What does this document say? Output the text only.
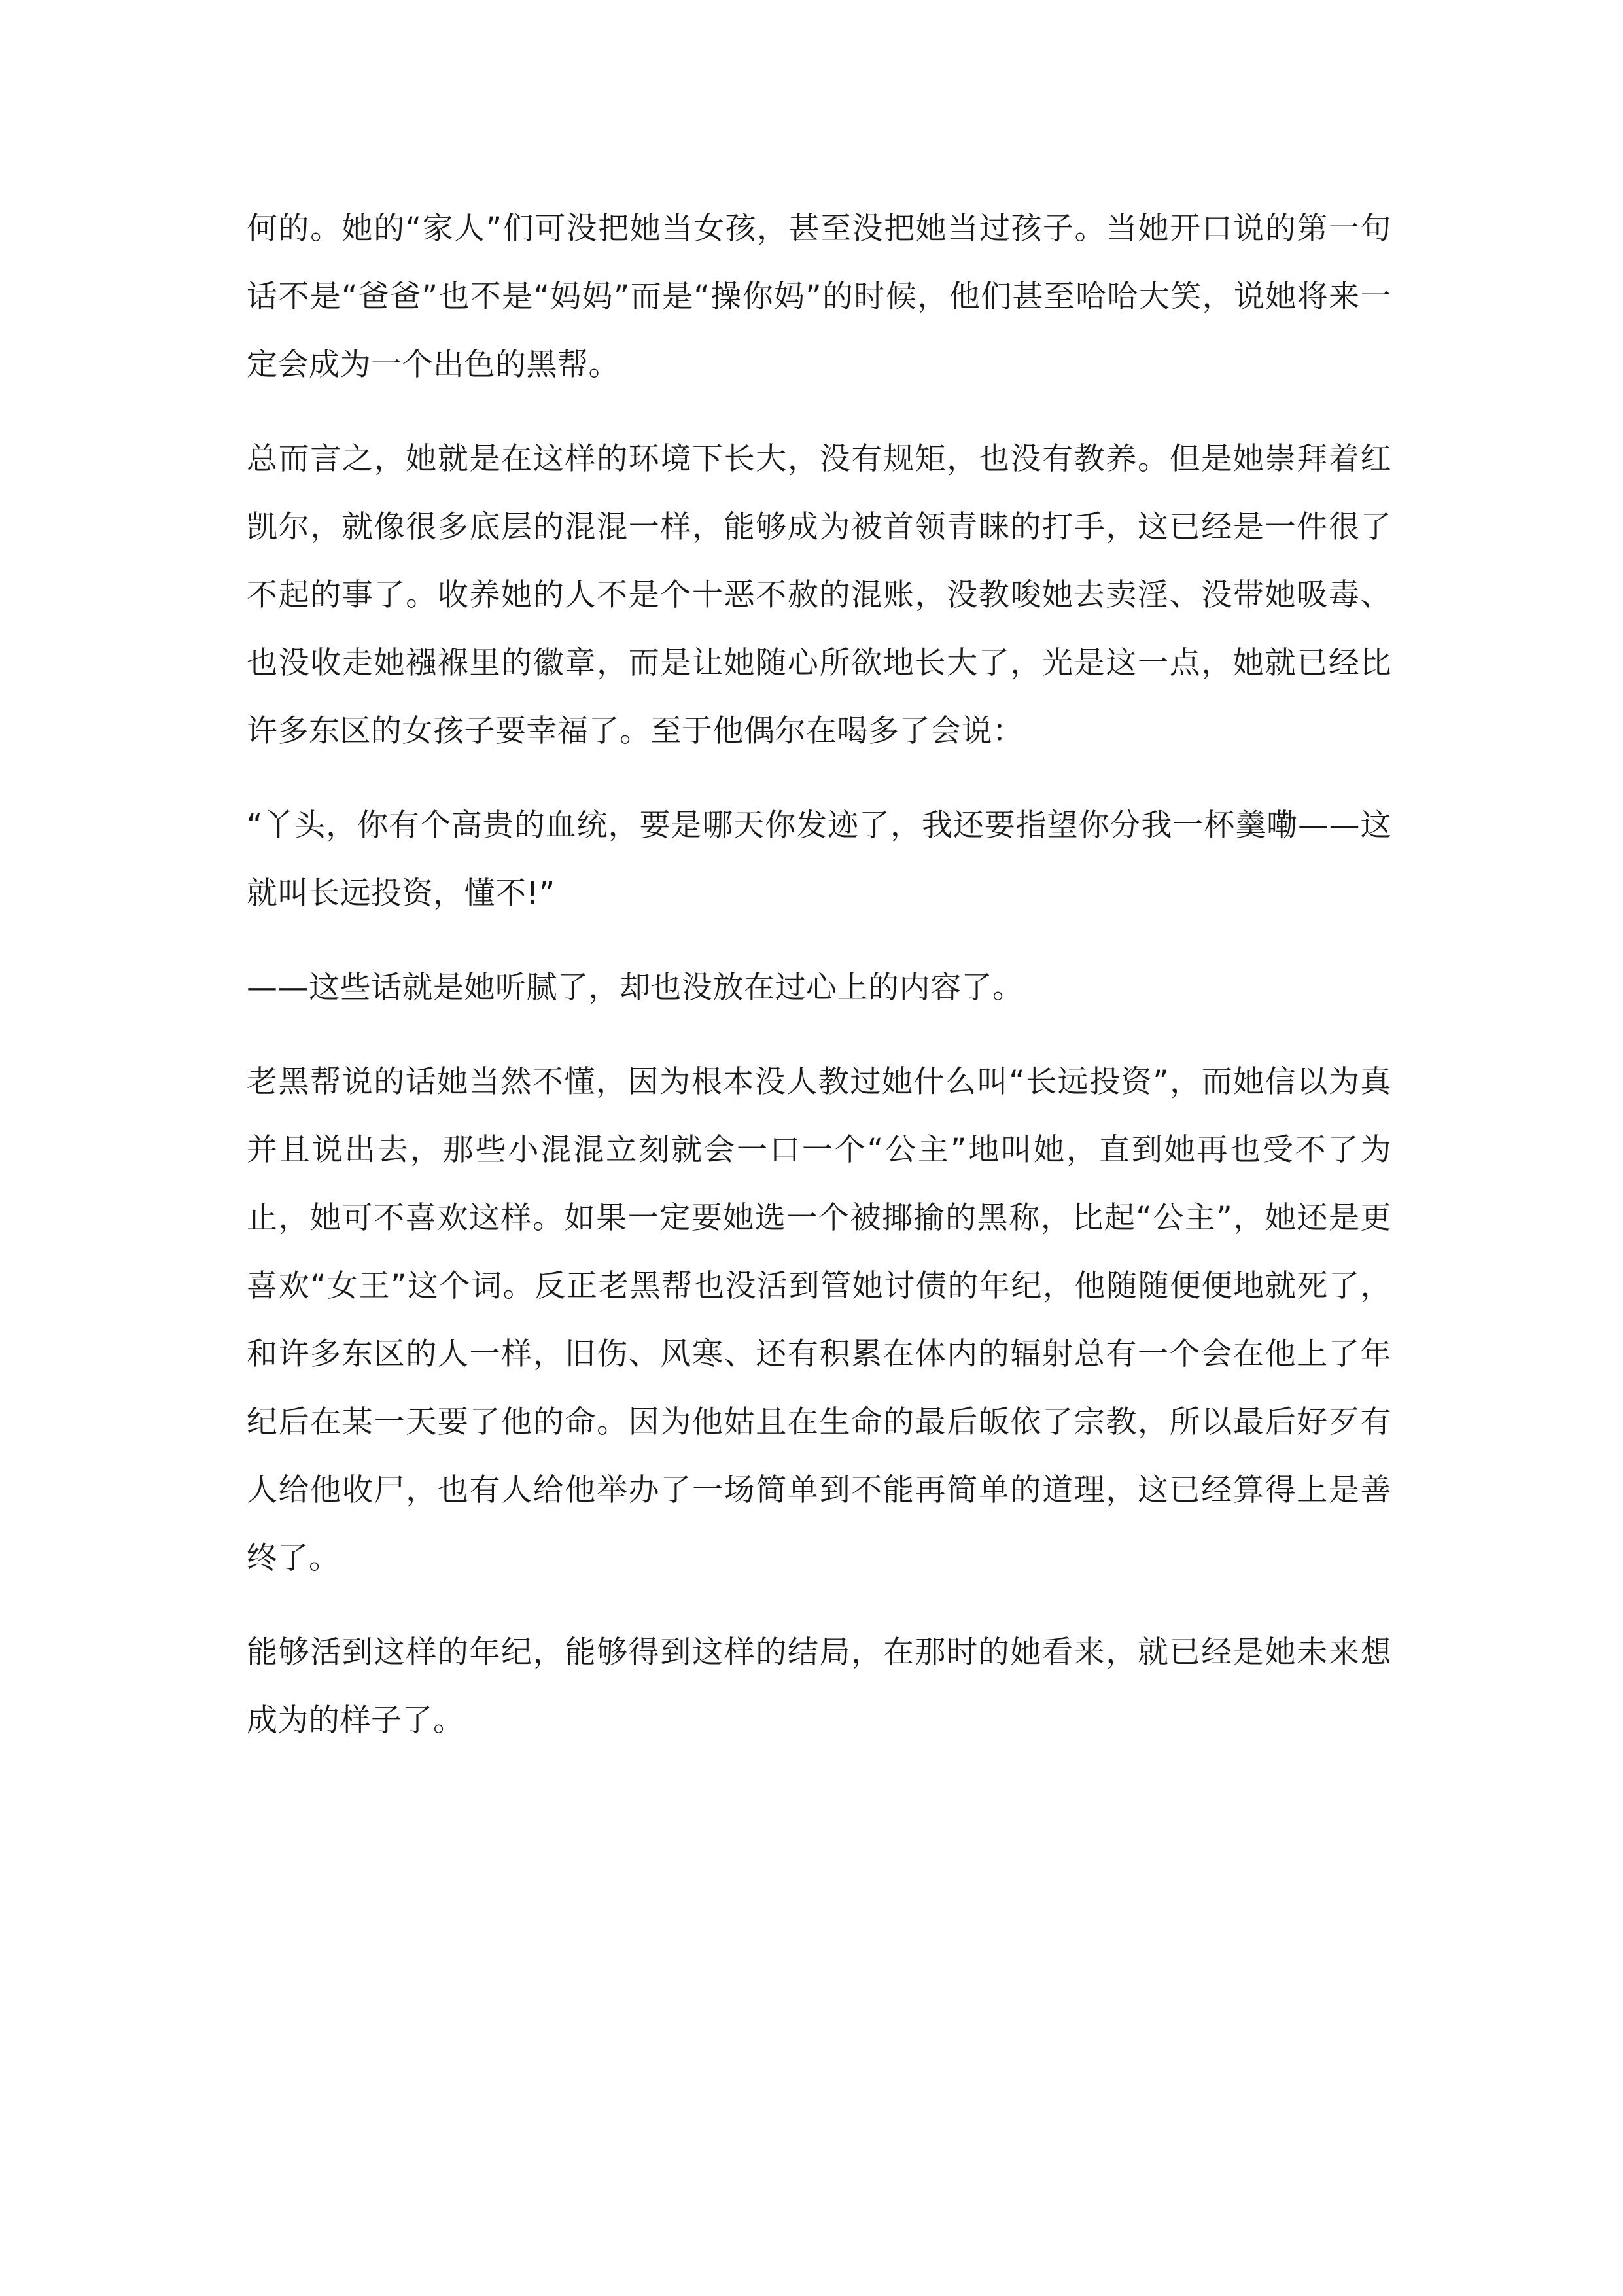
何的。她的“家人”们可没把她当女孩，甚至没把她当过孩子。当她开口说的第一句话不是“爸爸”也不是“妈妈”而是“操你妈”的时候，他们甚至哈哈大笑，说她将来一定会成为一个出色的黑帮。

总而言之，她就是在这样的环境下长大，没有规矩，也没有教养。但是她崇拜着红凯尔，就像很多底层的混混一样，能够成为被首领青睐的打手，这已经是一件很了不起的事了。收养她的人不是个十恶不赦的混账，没教唆她去卖淫、没带她吸毒、也没收走她襁褓里的徽章，而是让她随心所欲地长大了，光是这一点，她就已经比许多东区的女孩子要幸福了。至于他偶尔在喝多了会说：

“丫头，你有个高贵的血统，要是哪天你发迹了，我还要指望你分我一杯羹嘞——这就叫长远投资，懂不!”

——这些话就是她听腻了，却也没放在过心上的内容了。

老黑帮说的话她当然不懂，因为根本没人教过她什么叫“长远投资”，而她信以为真并且说出去，那些小混混立刻就会一口一个“公主”地叫她，直到她再也受不了为止，她可不喜欢这样。如果一定要她选一个被揶揄的黑称，比起“公主”，她还是更喜欢“女王”这个词。反正老黑帮也没活到管她讨债的年纪，他随随便便地就死了，和许多东区的人一样，旧伤、风寒、还有积累在体内的辐射总有一个会在他上了年纪后在某一天要了他的命。因为他姑且在生命的最后皈依了宗教，所以最后好歹有人给他收尸，也有人给他举办了一场简单到不能再简单的道理，这已经算得上是善终了。

能够活到这样的年纪，能够得到这样的结局，在那时的她看来，就已经是她未来想成为的样子了。
